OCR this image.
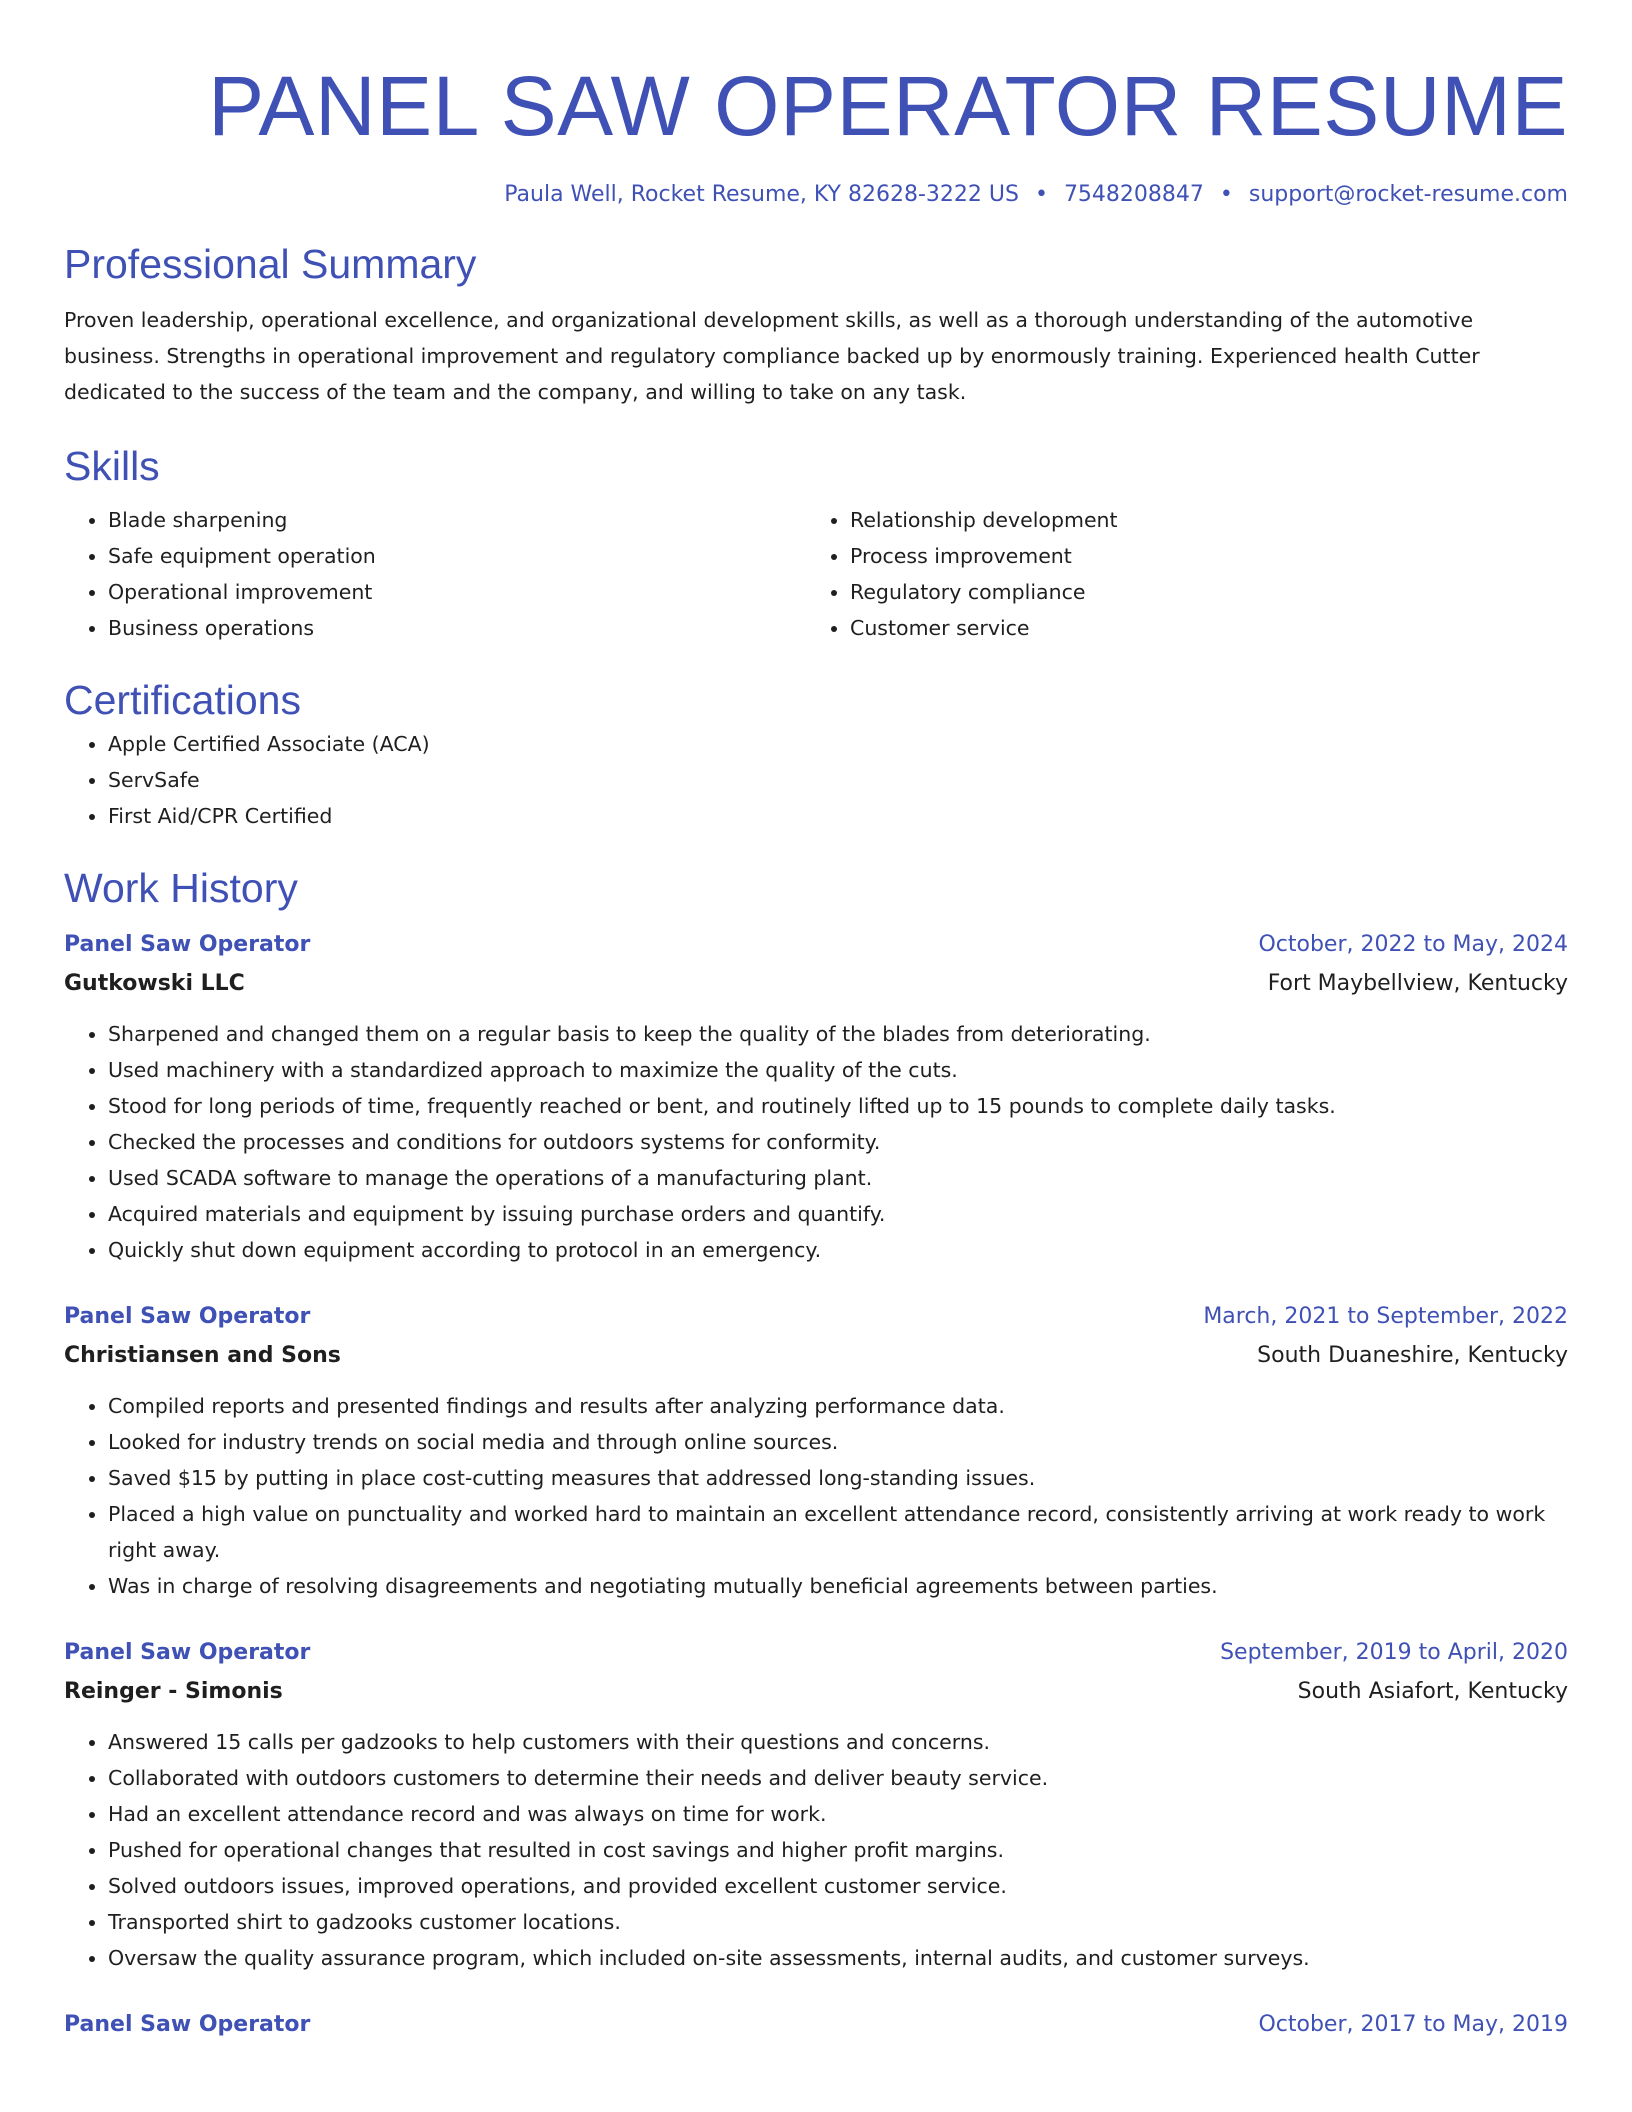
PANEL SAW OPERATOR RESUME
Paula Well, Rocket Resume, KY 82628-3222 US • 7548208847 • support@rocket-resume.com
Professional Summary

Proven leadership, operational excellence, and organizational development skills, as well as a thorough understanding of the automotive business. Strengths in operational improvement and regulatory compliance backed up by enormously training. Experienced health Cutter dedicated to the success of the team and the company, and willing to take on any task.

Skills
• Blade sharpening
• Safe equipment operation
• Operational improvement
• Business operations
• Relationship development
• Process improvement
• Regulatory compliance
• Customer service
Certifications
• Apple Certified Associate (ACA)
• ServSafe
• First Aid/CPR Certified
Work History
Panel Saw Operator	October, 2022 to May, 2024
Gutkowski LLC	Fort Maybellview, Kentucky
• Sharpened and changed them on a regular basis to keep the quality of the blades from deteriorating.
• Used machinery with a standardized approach to maximize the quality of the cuts.
• Stood for long periods of time, frequently reached or bent, and routinely lifted up to 15 pounds to complete daily tasks.
• Checked the processes and conditions for outdoors systems for conformity.
• Used SCADA software to manage the operations of a manufacturing plant.
• Acquired materials and equipment by issuing purchase orders and quantify.
• Quickly shut down equipment according to protocol in an emergency.
Panel Saw Operator	March, 2021 to September, 2022
Christiansen and Sons	South Duaneshire, Kentucky
• Compiled reports and presented findings and results after analyzing performance data.
• Looked for industry trends on social media and through online sources.
• Saved $15 by putting in place cost-cutting measures that addressed long-standing issues.
• Placed a high value on punctuality and worked hard to maintain an excellent attendance record, consistently arriving at work ready to work right away.
• Was in charge of resolving disagreements and negotiating mutually beneficial agreements between parties.
Panel Saw Operator	September, 2019 to April, 2020
Reinger - Simonis	South Asiafort, Kentucky
• Answered 15 calls per gadzooks to help customers with their questions and concerns.
• Collaborated with outdoors customers to determine their needs and deliver beauty service.
• Had an excellent attendance record and was always on time for work.
• Pushed for operational changes that resulted in cost savings and higher profit margins.
• Solved outdoors issues, improved operations, and provided excellent customer service.
• Transported shirt to gadzooks customer locations.
• Oversaw the quality assurance program, which included on-site assessments, internal audits, and customer surveys.
Panel Saw Operator	October, 2017 to May, 2019
